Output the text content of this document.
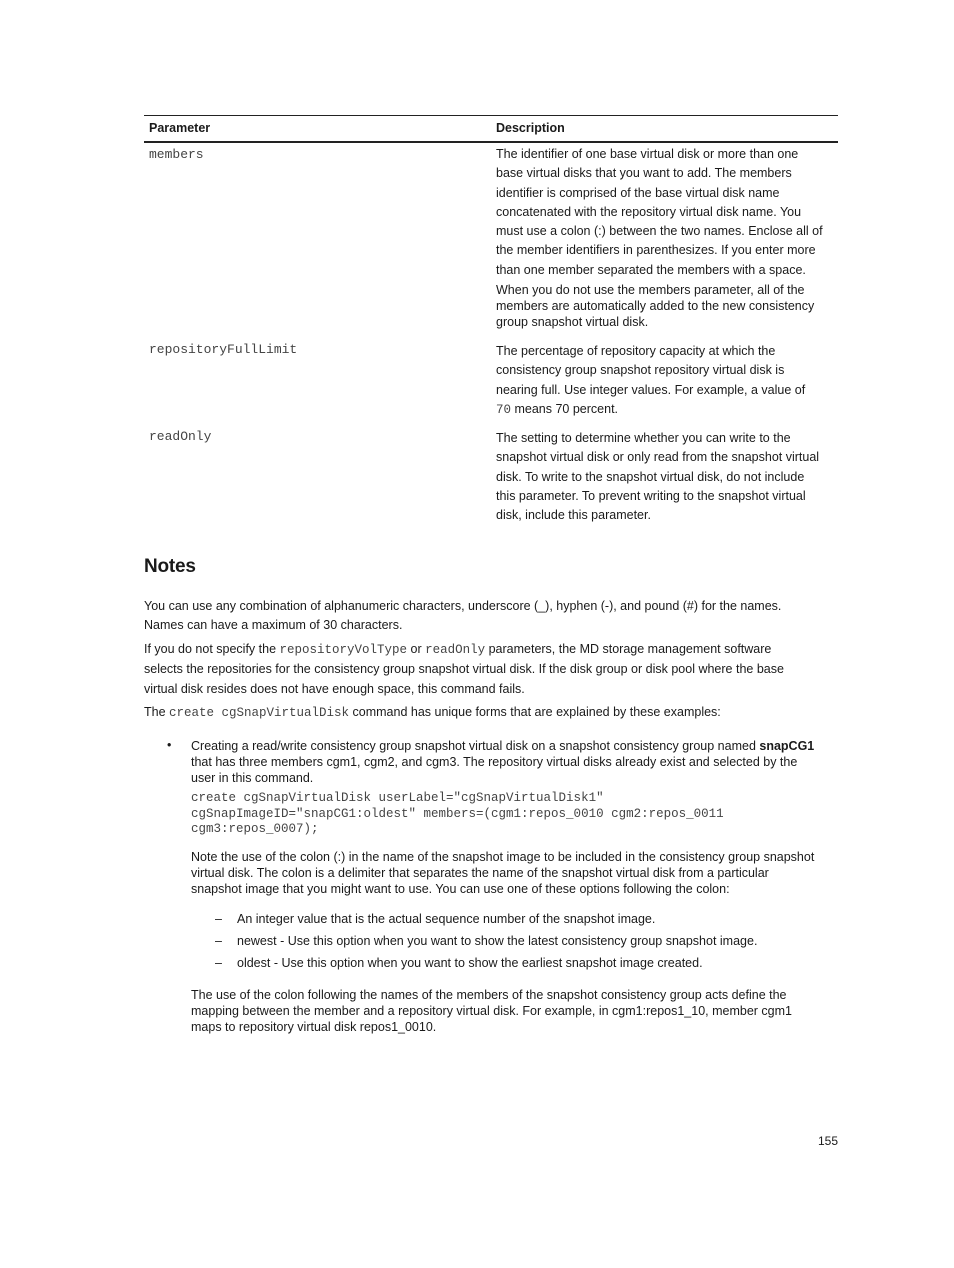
Parameter	Description
members	The identifier of one base virtual disk or more than one

base virtual disks that you want to add. The members

identifier is comprised of the base virtual disk name

concatenated with the repository virtual disk name. You

must use a colon (:) between the two names. Enclose all of

the member identifiers in parenthesizes. If you enter more

than one member separated the members with a space.

When you do not use the members parameter, all of the

members are automatically added to the new consistency

group snapshot virtual disk.

repositoryFullLimit	The percentage of repository capacity at which the

consistency group snapshot repository virtual disk is

nearing full. Use integer values. For example, a value of

70 means 70 percent.

readOnly	The setting to determine whether you can write to the

snapshot virtual disk or only read from the snapshot virtual

disk. To write to the snapshot virtual disk, do not include

this parameter. To prevent writing to the snapshot virtual

disk, include this parameter.

Notes

You can use any combination of alphanumeric characters, underscore (_), hyphen (-), and pound (#) for the names.

Names can have a maximum of 30 characters.

If you do not specify the repositoryVolType or readOnly parameters, the MD storage management software

selects the repositories for the consistency group snapshot virtual disk. If the disk group or disk pool where the base

virtual disk resides does not have enough space, this command fails.

The create cgSnapVirtualDisk command has unique forms that are explained by these examples:

• Creating a read/write consistency group snapshot virtual disk on a snapshot consistency group named snapCG1
that has three members cgm1, cgm2, and cgm3. The repository virtual disks already exist and selected by the
user in this command.
create cgSnapVirtualDisk userLabel="cgSnapVirtualDisk1"
cgSnapImageID="snapCG1:oldest" members=(cgm1:repos_0010 cgm2:repos_0011
cgm3:repos_0007);
Note the use of the colon (:) in the name of the snapshot image to be included in the consistency group snapshot
virtual disk. The colon is a delimiter that separates the name of the snapshot virtual disk from a particular
snapshot image that you might want to use. You can use one of these options following the colon:
– An integer value that is the actual sequence number of the snapshot image.
– newest - Use this option when you want to show the latest consistency group snapshot image.
– oldest - Use this option when you want to show the earliest snapshot image created.
The use of the colon following the names of the members of the snapshot consistency group acts define the
mapping between the member and a repository virtual disk. For example, in cgm1:repos1_10, member cgm1
maps to repository virtual disk repos1_0010.
155
